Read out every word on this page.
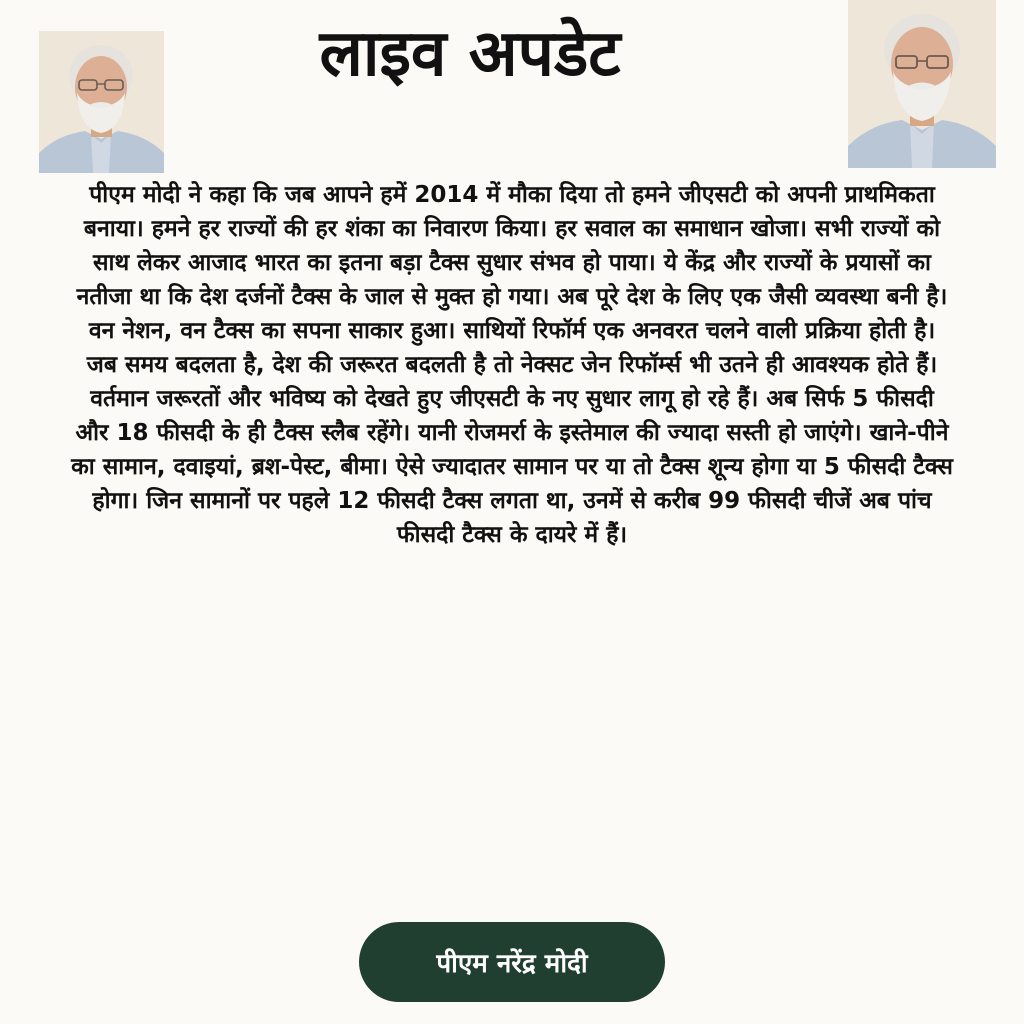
लाइव अपडेट

पीएम मोदी ने कहा कि जब आपने हमें 2014 में मौका दिया तो हमने जीएसटी को अपनी प्राथमिकता बनाया। हमने हर राज्यों की हर शंका का निवारण किया। हर सवाल का समाधान खोजा। सभी राज्यों को साथ लेकर आजाद भारत का इतना बड़ा टैक्स सुधार संभव हो पाया। ये केंद्र और राज्यों के प्रयासों का नतीजा था कि देश दर्जनों टैक्स के जाल से मुक्त हो गया। अब पूरे देश के लिए एक जैसी व्यवस्था बनी है। वन नेशन, वन टैक्स का सपना साकार हुआ। साथियों रिफॉर्म एक अनवरत चलने वाली प्रक्रिया होती है। जब समय बदलता है, देश की जरूरत बदलती है तो नेक्सट जेन रिफॉर्म्स भी उतने ही आवश्यक होते हैं। वर्तमान जरूरतों और भविष्य को देखते हुए जीएसटी के नए सुधार लागू हो रहे हैं। अब सिर्फ 5 फीसदी और 18 फीसदी के ही टैक्स स्लैब रहेंगे। यानी रोजमर्रा के इस्तेमाल की ज्यादा सस्ती हो जाएंगे। खाने-पीने का सामान, दवाइयां, ब्रश-पेस्ट, बीमा। ऐसे ज्यादातर सामान पर या तो टैक्स शून्य होगा या 5 फीसदी टैक्स होगा। जिन सामानों पर पहले 12 फीसदी टैक्स लगता था, उनमें से करीब 99 फीसदी चीजें अब पांच फीसदी टैक्स के दायरे में हैं।

पीएम नरेंद्र मोदी
